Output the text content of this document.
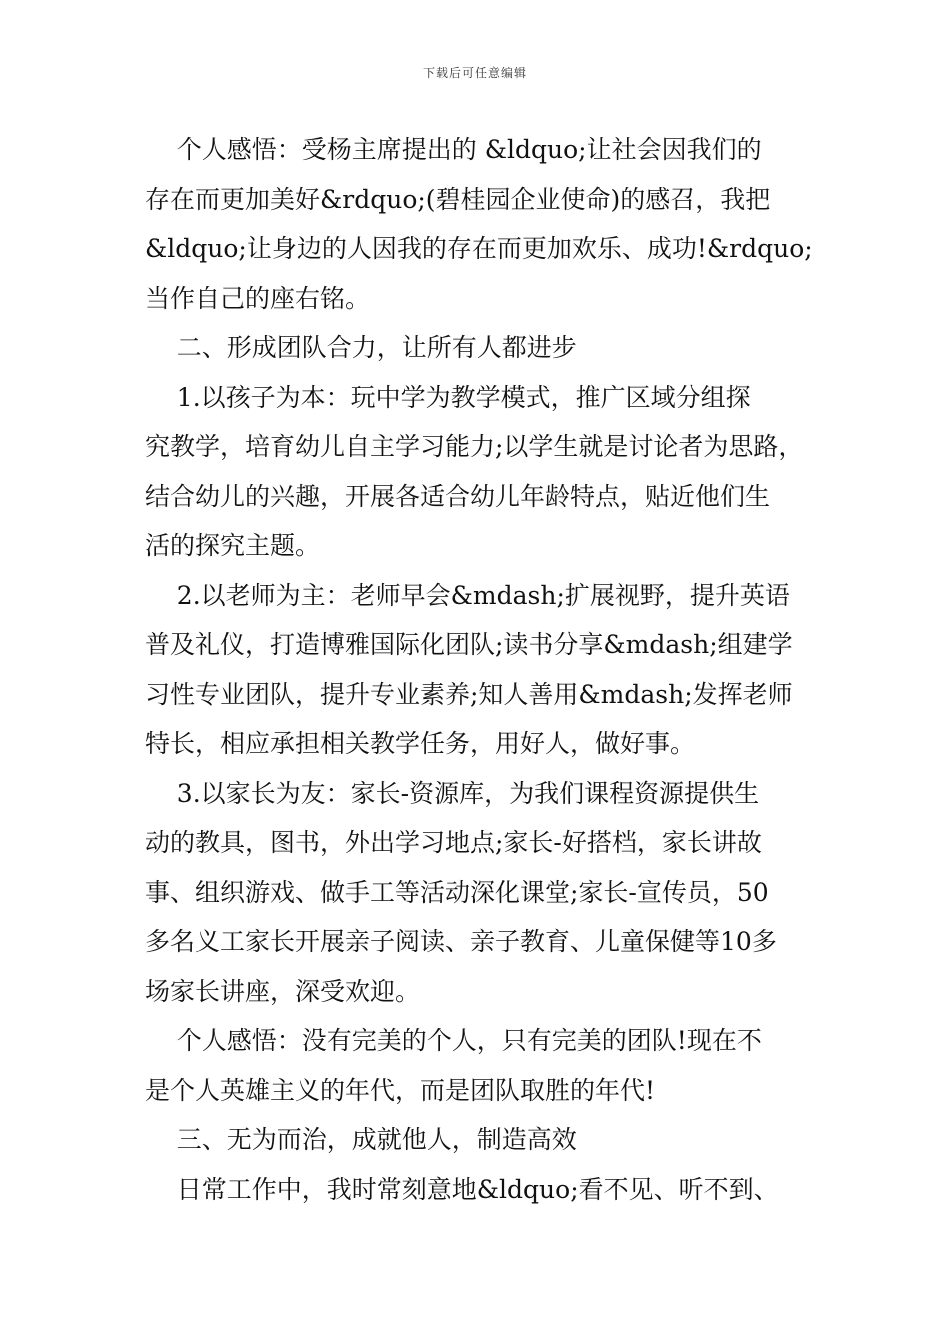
下载后可任意编辑
个人感悟：受杨主席提出的 &ldquo;让社会因我们的
存在而更加美好&rdquo;(碧桂园企业使命)的感召，我把
&ldquo;让身边的人因我的存在而更加欢乐、成功!&rdquo;
当作自己的座右铭。
二、形成团队合力，让所有人都进步
1.以孩子为本：玩中学为教学模式，推广区域分组探
究教学，培育幼儿自主学习能力;以学生就是讨论者为思路，
结合幼儿的兴趣，开展各适合幼儿年龄特点，贴近他们生
活的探究主题。
2.以老师为主：老师早会&mdash;扩展视野，提升英语
普及礼仪，打造博雅国际化团队;读书分享&mdash;组建学
习性专业团队，提升专业素养;知人善用&mdash;发挥老师
特长，相应承担相关教学任务，用好人，做好事。
3.以家长为友：家长-资源库，为我们课程资源提供生
动的教具，图书，外出学习地点;家长-好搭档，家长讲故
事、组织游戏、做手工等活动深化课堂;家长-宣传员，50
多名义工家长开展亲子阅读、亲子教育、儿童保健等10多
场家长讲座，深受欢迎。
个人感悟：没有完美的个人，只有完美的团队!现在不
是个人英雄主义的年代，而是团队取胜的年代!
三、无为而治，成就他人，制造高效
日常工作中，我时常刻意地&ldquo;看不见、听不到、
